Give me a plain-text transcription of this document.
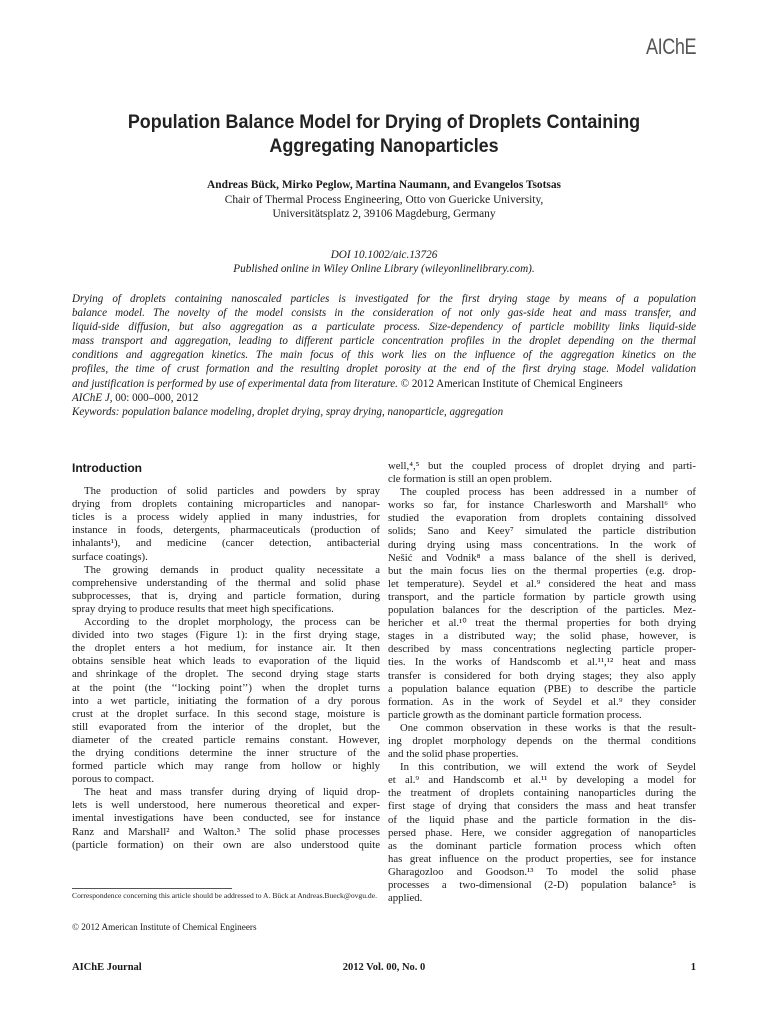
AIChE
Population Balance Model for Drying of Droplets Containing
Aggregating Nanoparticles
Andreas Bück, Mirko Peglow, Martina Naumann, and Evangelos Tsotsas
Chair of Thermal Process Engineering, Otto von Guericke University,
Universitätsplatz 2, 39106 Magdeburg, Germany
DOI 10.1002/aic.13726
Published online in Wiley Online Library (wileyonlinelibrary.com).
Drying of droplets containing nanoscaled particles is investigated for the first drying stage by means of a population
balance model. The novelty of the model consists in the consideration of not only gas-side heat and mass transfer, and
liquid-side diffusion, but also aggregation as a particulate process. Size-dependency of particle mobility links liquid-side
mass transport and aggregation, leading to different particle concentration profiles in the droplet depending on the thermal
conditions and aggregation kinetics. The main focus of this work lies on the influence of the aggregation kinetics on the
profiles, the time of crust formation and the resulting droplet porosity at the end of the first drying stage. Model validation
and justification is performed by use of experimental data from literature. © 2012 American Institute of Chemical Engineers
AIChE J, 00: 000–000, 2012
Keywords: population balance modeling, droplet drying, spray drying, nanoparticle, aggregation
Introduction
The production of solid particles and powders by spray
drying from droplets containing microparticles and nanopar-
ticles is a process widely applied in many industries, for
instance in foods, detergents, pharmaceuticals (production of
inhalants¹), and medicine (cancer detection, antibacterial
surface coatings).
The growing demands in product quality necessitate a
comprehensive understanding of the thermal and solid phase
subprocesses, that is, drying and particle formation, during
spray drying to produce results that meet high specifications.
According to the droplet morphology, the process can be
divided into two stages (Figure 1): in the first drying stage,
the droplet enters a hot medium, for instance air. It then
obtains sensible heat which leads to evaporation of the liquid
and shrinkage of the droplet. The second drying stage starts
at the point (the ‘‘locking point’’) when the droplet turns
into a wet particle, initiating the formation of a dry porous
crust at the droplet surface. In this second stage, moisture is
still evaporated from the interior of the droplet, but the
diameter of the created particle remains constant. However,
the drying conditions determine the inner structure of the
formed particle which may range from hollow or highly
porous to compact.
The heat and mass transfer during drying of liquid drop-
lets is well understood, here numerous theoretical and exper-
imental investigations have been conducted, see for instance
Ranz and Marshall² and Walton.³ The solid phase processes
(particle formation) on their own are also understood quite
well,⁴,⁵ but the coupled process of droplet drying and parti-
cle formation is still an open problem.
The coupled process has been addressed in a number of
works so far, for instance Charlesworth and Marshall⁶ who
studied the evaporation from droplets containing dissolved
solids; Sano and Keey⁷ simulated the particle distribution
during drying using mass concentrations. In the work of
Nešić and Vodnik⁸ a mass balance of the shell is derived,
but the main focus lies on the thermal properties (e.g. drop-
let temperature). Seydel et al.⁹ considered the heat and mass
transport, and the particle formation by particle growth using
population balances for the description of the particles. Mez-
hericher et al.¹⁰ treat the thermal properties for both drying
stages in a distributed way; the solid phase, however, is
described by mass concentrations neglecting particle proper-
ties. In the works of Handscomb et al.¹¹,¹² heat and mass
transfer is considered for both drying stages; they also apply
a population balance equation (PBE) to describe the particle
formation. As in the work of Seydel et al.⁹ they consider
particle growth as the dominant particle formation process.
One common observation in these works is that the result-
ing droplet morphology depends on the thermal conditions
and the solid phase properties.
In this contribution, we will extend the work of Seydel
et al.⁹ and Handscomb et al.¹¹ by developing a model for
the treatment of droplets containing nanoparticles during the
first stage of drying that considers the mass and heat transfer
of the liquid phase and the particle formation in the dis-
persed phase. Here, we consider aggregation of nanoparticles
as the dominant particle formation process which often
has great influence on the product properties, see for instance
Gharagozloo and Goodson.¹³ To model the solid phase
processes a two-dimensional (2-D) population balance⁵ is
applied.
Correspondence concerning this article should be addressed to A. Bück at Andreas.Bueck@ovgu.de.
© 2012 American Institute of Chemical Engineers
AIChE Journal	2012 Vol. 00, No. 0	1
